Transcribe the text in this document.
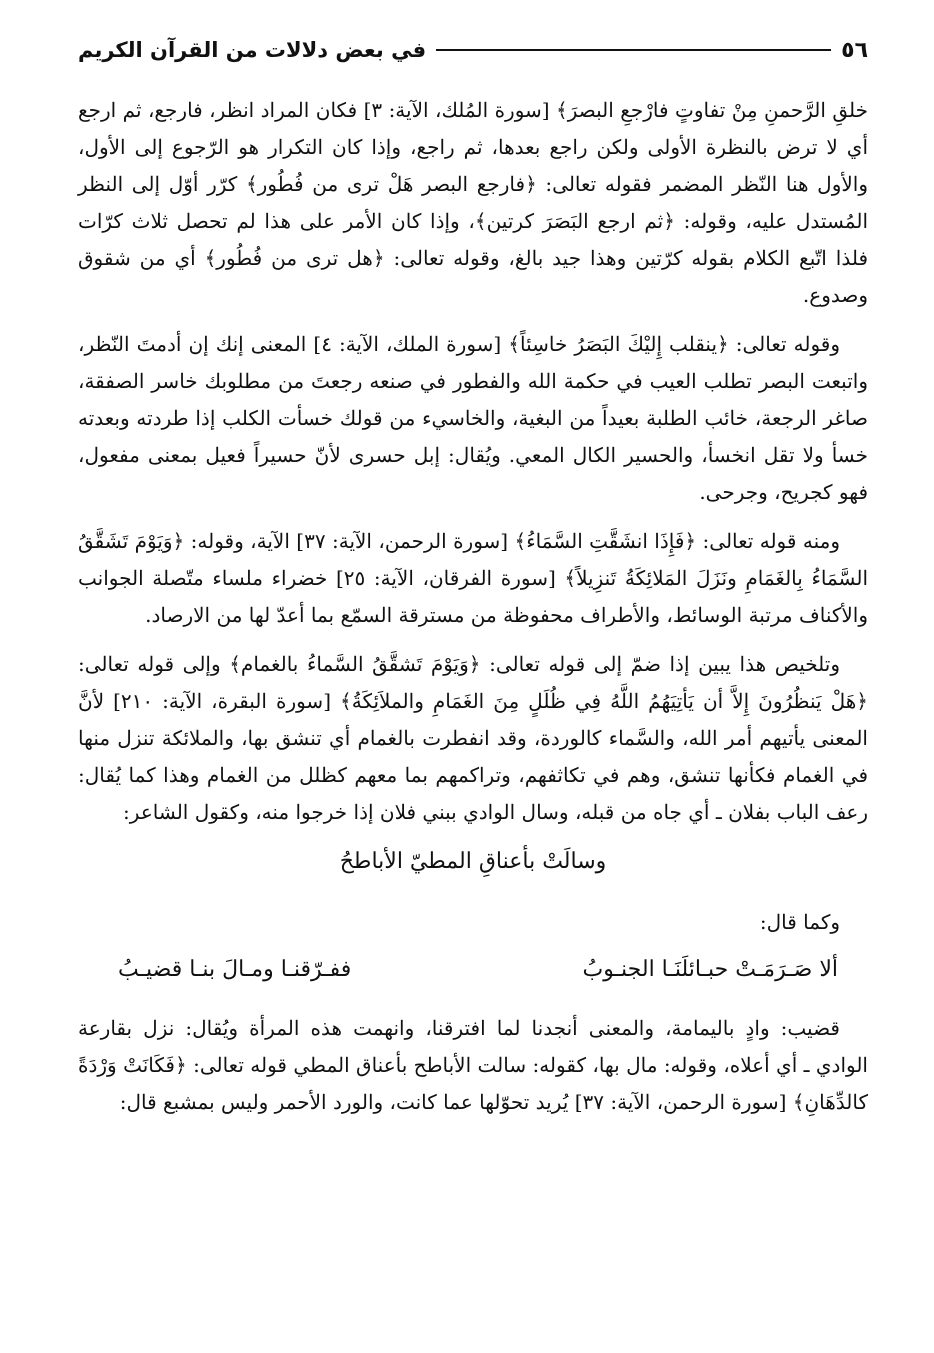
٥٦
في بعض دلالات من القرآن الكريم

خلقِ الرَّحمنِ مِنْ تفاوتٍ فارْجعِ البصرَ﴾ [سورة المُلك، الآية: ٣] فكان المراد انظر، فارجع، ثم ارجع أي لا ترض بالنظرة الأولى ولكن راجع بعدها، ثم راجع، وإذا كان التكرار هو الرّجوع إلى الأول، والأول هنا النّظر المضمر فقوله تعالى: ﴿فارجع البصر هَلْ ترى من فُطُور﴾ كرّر أوّل إلى النظر المُستدل عليه، وقوله: ﴿ثم ارجع البَصَرَ كرتين﴾، وإذا كان الأمر على هذا لم تحصل ثلاث كرّات فلذا اتّبع الكلام بقوله كرّتين وهذا جيد بالغ، وقوله تعالى: ﴿هل ترى من فُطُور﴾ أي من شقوق وصدوع.

وقوله تعالى: ﴿ينقلب إِليْكَ البَصَرُ خاسِئاً﴾ [سورة الملك، الآية: ٤] المعنى إنك إن أدمتَ النّظر، واتبعت البصر تطلب العيب في حكمة الله والفطور في صنعه رجعتَ من مطلوبك خاسر الصفقة، صاغر الرجعة، خائب الطلبة بعيداً من البغية، والخاسيء من قولك خسأت الكلب إذا طردته وبعدته خسأ ولا تقل انخسأ، والحسير الكال المعي. ويُقال: إبل حسرى لأنّ حسيراً فعيل بمعنى مفعول، فهو كجريح، وجرحى.

ومنه قوله تعالى: ﴿فَإِذَا انشَقَّتِ السَّمَاءُ﴾ [سورة الرحمن، الآية: ٣٧] الآية، وقوله: ﴿وَيَوْمَ تَشَقَّقُ السَّمَاءُ بِالغَمَامِ ونَزَلَ المَلائِكَةُ تَنزِيلاً﴾ [سورة الفرقان، الآية: ٢٥] خضراء ملساء متّصلة الجوانب والأكناف مرتبة الوسائط، والأطراف محفوظة من مسترقة السمّع بما أعدّ لها من الارصاد.

وتلخيص هذا يبين إذا ضمّ إلى قوله تعالى: ﴿وَيَوْمَ تَشقَّقُ السَّماءُ بالغمام﴾ وإلى قوله تعالى: ﴿هَلْ يَنظُرُونَ إِلاَّ أن يَأتِيَهُمُ اللَّهُ فِي ظُلَلٍ مِنَ الغَمَامِ والملاَئِكَةُ﴾ [سورة البقرة، الآية: ٢١٠] لأنَّ المعنى يأتيهم أمر الله، والسَّماء كالوردة، وقد انفطرت بالغمام أي تنشق بها، والملائكة تنزل منها في الغمام فكأنها تنشق، وهم في تكاثفهم، وتراكمهم بما معهم كظلل من الغمام وهذا كما يُقال: رعف الباب بفلان ـ أي جاه من قبله، وسال الوادي ببني فلان إذا خرجوا منه، وكقول الشاعر:

وسالَتْ بأعناقِ المطيّ الأباطحُ
وكما قال:
ألا صَـرَمَـتْ حبـائلَنَـا الجنـوبُ
ففـرّقنـا ومـالَ بنـا قضيـبُ

قضيب: وادٍ باليمامة، والمعنى أنجدنا لما افترقنا، وانهمت هذه المرأة ويُقال: نزل بقارعة الوادي ـ أي أعلاه، وقوله: مال بها، كقوله: سالت الأباطح بأعناق المطي قوله تعالى: ﴿فَكَانَتْ وَرْدَةً كالدِّهَانِ﴾ [سورة الرحمن، الآية: ٣٧] يُريد تحوّلها عما كانت، والورد الأحمر وليس بمشبع قال:
